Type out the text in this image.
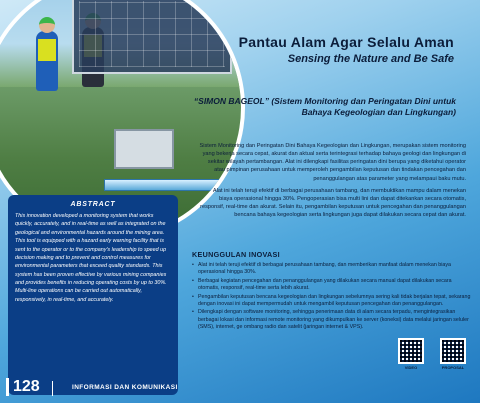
Pantau Alam Agar Selalu Aman
Sensing the Nature and Be Safe
“SIMON BAGEOL” (Sistem Monitoring dan Peringatan Dini untuk Bahaya Kegeologian dan Lingkungan)

Sistem Monitoring dan Peringatan Dini Bahaya Kegeologian dan Lingkungan, merupakan sistem monitoring yang bekerja secara cepat, akurat dan aktual serta terintegrasi terhadap bahaya geologi dan lingkungan di sekitar wilayah pertambangan. Alat ini dilengkapi fasilitas peringatan dini berupa yang diketahui operator atau pimpinan perusahaan untuk memperoleh pengambilan keputusan dan tindakan pencegahan dan penanggulangan atas parameter yang melampaui baku mutu.

Alat ini telah teruji efektif di berbagai perusahaan tambang, dan membuktikan mampu dalam menekan biaya operasional hingga 30%. Pengoperasian bisa multi lini dan dapat ditekankan secara otomatis, responsif, real-time dan akurat. Selain itu, pengambilan keputusan untuk pencegahan dan penanggulangan bencana bahaya kegeologian serta lingkungan juga dapat dilakukan secara cepat dan akurat.

ABSTRACT

This innovation developed a monitoring system that works quickly, accurately, and in real-time as well as integrated on the geological and environmental hazards around the mining area. This tool is equipped with a hazard early warning facility that is sent to the operator or to the company's leadership to speed up decision making and to prevent and control measures for environmental parameters that exceed quality standards. This system has been proven effective by various mining companies and provides benefits in reducing operating costs by up to 30%. Multi-line operations can be carried out automatically, responsively, in real-time, and accurately.

KEUNGGULAN INOVASI
• Alat ini telah teruji efektif di berbagai perusahaan tambang, dan memberikan manfaat dalam menekan biaya operasional hingga 30%.
• Berbagai kegiatan pencegahan dan penanggulangan yang dilakukan secara manual dapat dilakukan secara otomatis, responsif, real-time serta lebih akurat.
• Pengambilan keputusan bencana kegeologian dan lingkungan sebelumnya sering kali tidak berjalan tepat, sekarang dengan inovasi ini dapat mempermudah untuk mengambil keputusan pencegahan dan penanggulangan.
• Dilengkapi dengan software monitoring, sehingga penerimaan data di alam secara terpadu, mengintegrasikan berbagai lokasi dan informasi remote monitoring yang dikumpulkan ke server (koneksi) data melalui jaringan seluler (SMS), internet, ge ombang radio dan satelit (jaringan internet & VPS).
VIDEO	PROPOSAL
128	INFORMASI DAN KOMUNIKASI
